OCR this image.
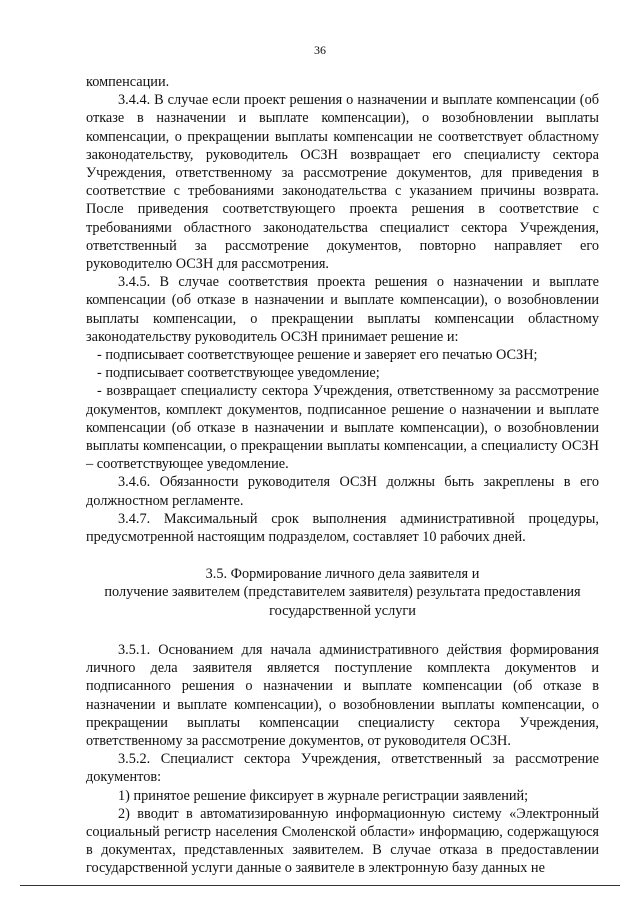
36

компенсации.

3.4.4. В случае если проект решения о назначении и выплате компенсации (об отказе в назначении и выплате компенсации), о возобновлении выплаты компенсации, о прекращении выплаты компенсации не соответствует областному законодательству, руководитель ОСЗН возвращает его специалисту сектора Учреждения, ответственному за рассмотрение документов, для приведения в соответствие с требованиями законодательства с указанием причины возврата. После приведения соответствующего проекта решения в соответствие с требованиями областного законодательства специалист сектора Учреждения, ответственный за рассмотрение документов, повторно направляет его руководителю ОСЗН для рассмотрения.

3.4.5. В случае соответствия проекта решения о назначении и выплате компенсации (об отказе в назначении и выплате компенсации), о возобновлении выплаты компенсации, о прекращении выплаты компенсации областному законодательству руководитель ОСЗН принимает решение и:

- подписывает соответствующее решение и заверяет его печатью ОСЗН;

- подписывает соответствующее уведомление;

- возвращает специалисту сектора Учреждения, ответственному за рассмотрение документов, комплект документов, подписанное решение о назначении и выплате компенсации (об отказе в назначении и выплате компенсации), о возобновлении выплаты компенсации, о прекращении выплаты компенсации, а специалисту ОСЗН – соответствующее уведомление.

3.4.6. Обязанности руководителя ОСЗН должны быть закреплены в его должностном регламенте.

3.4.7. Максимальный срок выполнения административной процедуры, предусмотренной настоящим подразделом, составляет 10 рабочих дней.

3.5. Формирование личного дела заявителя и
получение заявителем (представителем заявителя) результата предоставления
государственной услуги

3.5.1. Основанием для начала административного действия формирования личного дела заявителя является поступление комплекта документов и подписанного решения о назначении и выплате компенсации (об отказе в назначении и выплате компенсации), о возобновлении выплаты компенсации, о прекращении выплаты компенсации специалисту сектора Учреждения, ответственному за рассмотрение документов, от руководителя ОСЗН.

3.5.2. Специалист сектора Учреждения, ответственный за рассмотрение документов:

1) принятое решение фиксирует в журнале регистрации заявлений;

2) вводит в автоматизированную информационную систему «Электронный социальный регистр населения Смоленской области» информацию, содержащуюся в документах, представленных заявителем. В случае отказа в предоставлении государственной услуги данные о заявителе в электронную базу данных не
